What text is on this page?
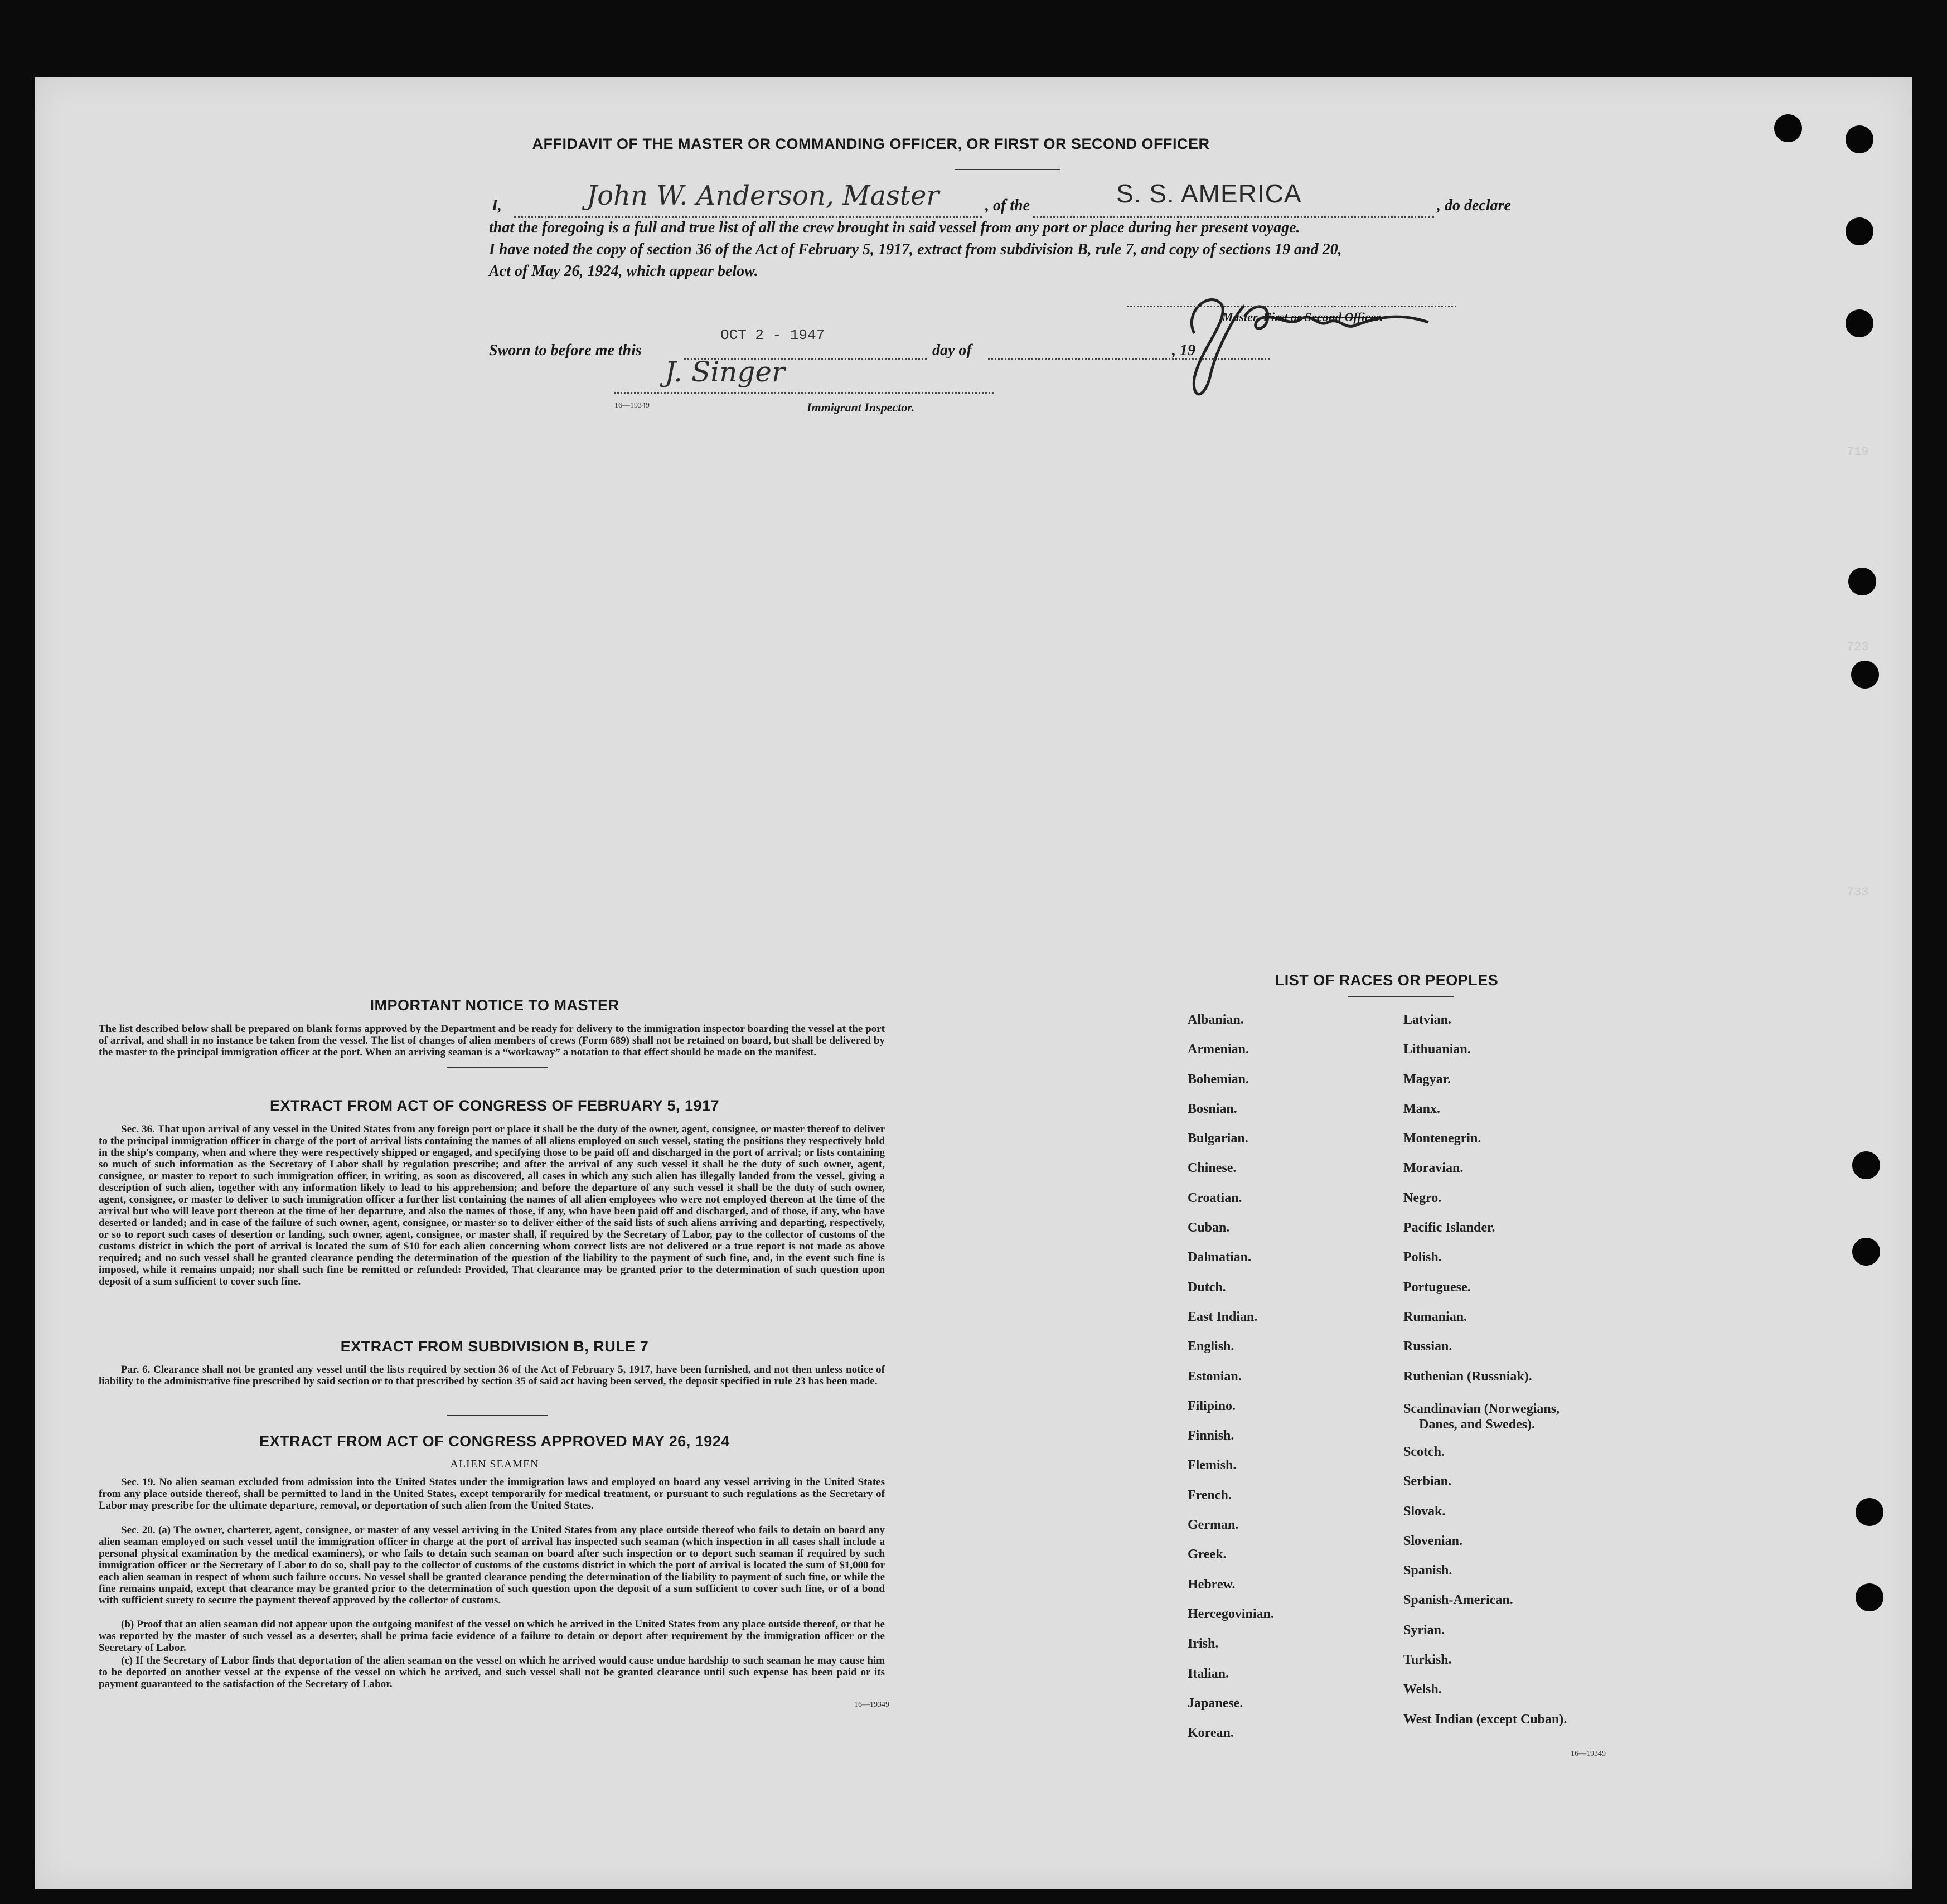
719
723
733
AFFIDAVIT OF THE MASTER OR COMMANDING OFFICER, OR FIRST OR SECOND OFFICER
I,	John W. Anderson, Master	, of the	S. S. AMERICA	, do declare
that the foregoing is a full and true list of all the crew brought in said vessel from any port or place during her present voyage.
I have noted the copy of section 36 of the Act of February 5, 1917, extract from subdivision B, rule 7, and copy of sections 19 and 20,
Act of May 26, 1924, which appear below.
Master, First or Second Officer.
OCT 2 - 1947
Sworn to before me this	day of	, 19
J. Singer
16—19349	Immigrant Inspector.
IMPORTANT NOTICE TO MASTER
The list described below shall be prepared on blank forms approved by the Department and be ready for delivery to the immigration inspector boarding the vessel at the port of arrival, and shall in no instance be taken from the vessel. The list of changes of alien members of crews (Form 689) shall not be retained on board, but shall be delivered by the master to the principal immigration officer at the port. When an arriving seaman is a “workaway” a notation to that effect should be made on the manifest.
EXTRACT FROM ACT OF CONGRESS OF FEBRUARY 5, 1917
Sec. 36. That upon arrival of any vessel in the United States from any foreign port or place it shall be the duty of the owner, agent, consignee, or master thereof to deliver to the principal immigration officer in charge of the port of arrival lists containing the names of all aliens employed on such vessel, stating the positions they respectively hold in the ship's company, when and where they were respectively shipped or engaged, and specifying those to be paid off and discharged in the port of arrival; or lists containing so much of such information as the Secretary of Labor shall by regulation prescribe; and after the arrival of any such vessel it shall be the duty of such owner, agent, consignee, or master to report to such immigration officer, in writing, as soon as discovered, all cases in which any such alien has illegally landed from the vessel, giving a description of such alien, together with any information likely to lead to his apprehension; and before the departure of any such vessel it shall be the duty of such owner, agent, consignee, or master to deliver to such immigration officer a further list containing the names of all alien employees who were not employed thereon at the time of the arrival but who will leave port thereon at the time of her departure, and also the names of those, if any, who have been paid off and discharged, and of those, if any, who have deserted or landed; and in case of the failure of such owner, agent, consignee, or master so to deliver either of the said lists of such aliens arriving and departing, respectively, or so to report such cases of desertion or landing, such owner, agent, consignee, or master shall, if required by the Secretary of Labor, pay to the collector of customs of the customs district in which the port of arrival is located the sum of $10 for each alien concerning whom correct lists are not delivered or a true report is not made as above required; and no such vessel shall be granted clearance pending the determination of the question of the liability to the payment of such fine, and, in the event such fine is imposed, while it remains unpaid; nor shall such fine be remitted or refunded: Provided, That clearance may be granted prior to the determination of such question upon deposit of a sum sufficient to cover such fine.
EXTRACT FROM SUBDIVISION B, RULE 7
Par. 6. Clearance shall not be granted any vessel until the lists required by section 36 of the Act of February 5, 1917, have been furnished, and not then unless notice of liability to the administrative fine prescribed by said section or to that prescribed by section 35 of said act having been served, the deposit specified in rule 23 has been made.
EXTRACT FROM ACT OF CONGRESS APPROVED MAY 26, 1924
ALIEN SEAMEN
Sec. 19. No alien seaman excluded from admission into the United States under the immigration laws and employed on board any vessel arriving in the United States from any place outside thereof, shall be permitted to land in the United States, except temporarily for medical treatment, or pursuant to such regulations as the Secretary of Labor may prescribe for the ultimate departure, removal, or deportation of such alien from the United States.
Sec. 20. (a) The owner, charterer, agent, consignee, or master of any vessel arriving in the United States from any place outside thereof who fails to detain on board any alien seaman employed on such vessel until the immigration officer in charge at the port of arrival has inspected such seaman (which inspection in all cases shall include a personal physical examination by the medical examiners), or who fails to detain such seaman on board after such inspection or to deport such seaman if required by such immigration officer or the Secretary of Labor to do so, shall pay to the collector of customs of the customs district in which the port of arrival is located the sum of $1,000 for each alien seaman in respect of whom such failure occurs. No vessel shall be granted clearance pending the determination of the liability to payment of such fine, or while the fine remains unpaid, except that clearance may be granted prior to the determination of such question upon the deposit of a sum sufficient to cover such fine, or of a bond with sufficient surety to secure the payment thereof approved by the collector of customs.
(b) Proof that an alien seaman did not appear upon the outgoing manifest of the vessel on which he arrived in the United States from any place outside thereof, or that he was reported by the master of such vessel as a deserter, shall be prima facie evidence of a failure to detain or deport after requirement by the immigration officer or the Secretary of Labor.
(c) If the Secretary of Labor finds that deportation of the alien seaman on the vessel on which he arrived would cause undue hardship to such seaman he may cause him to be deported on another vessel at the expense of the vessel on which he arrived, and such vessel shall not be granted clearance until such expense has been paid or its payment guaranteed to the satisfaction of the Secretary of Labor.
16—19349
LIST OF RACES OR PEOPLES
Albanian.
Armenian.
Bohemian.
Bosnian.
Bulgarian.
Chinese.
Croatian.
Cuban.
Dalmatian.
Dutch.
East Indian.
English.
Estonian.
Filipino.
Finnish.
Flemish.
French.
German.
Greek.
Hebrew.
Hercegovinian.
Irish.
Italian.
Japanese.
Korean.
Latvian.
Lithuanian.
Magyar.
Manx.
Montenegrin.
Moravian.
Negro.
Pacific Islander.
Polish.
Portuguese.
Rumanian.
Russian.
Ruthenian (Russniak).
Scandinavian (Norwegians,
Danes, and Swedes).
Scotch.
Serbian.
Slovak.
Slovenian.
Spanish.
Spanish-American.
Syrian.
Turkish.
Welsh.
West Indian (except Cuban).
16—19349
